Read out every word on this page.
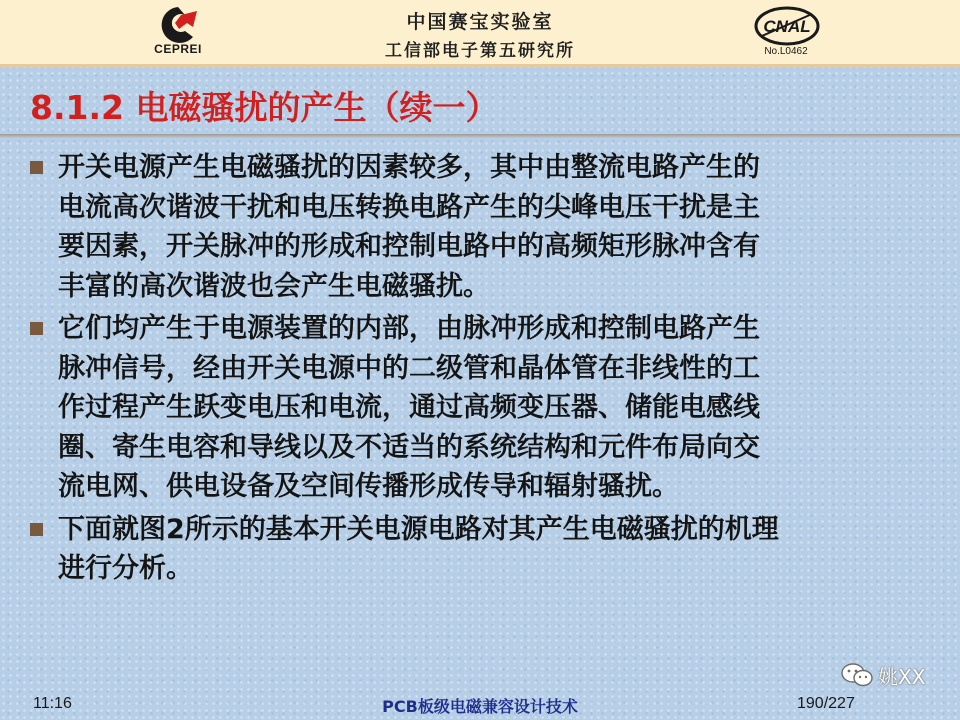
CEPREI
中国赛宝实验室
工信部电子第五研究所
CNAL
No.L0462
8.1.2 电磁骚扰的产生（续一）

开关电源产生电磁骚扰的因素较多，其中由整流电路产生的
电流高次谐波干扰和电压转换电路产生的尖峰电压干扰是主
要因素，开关脉冲的形成和控制电路中的高频矩形脉冲含有
丰富的高次谐波也会产生电磁骚扰。

它们均产生于电源装置的内部，由脉冲形成和控制电路产生
脉冲信号，经由开关电源中的二级管和晶体管在非线性的工
作过程产生跃变电压和电流，通过高频变压器、储能电感线
圈、寄生电容和导线以及不适当的系统结构和元件布局向交
流电网、供电设备及空间传播形成传导和辐射骚扰。

下面就图2所示的基本开关电源电路对其产生电磁骚扰的机理
进行分析。

姚XX
11:16	PCB板级电磁兼容设计技术	190/227
